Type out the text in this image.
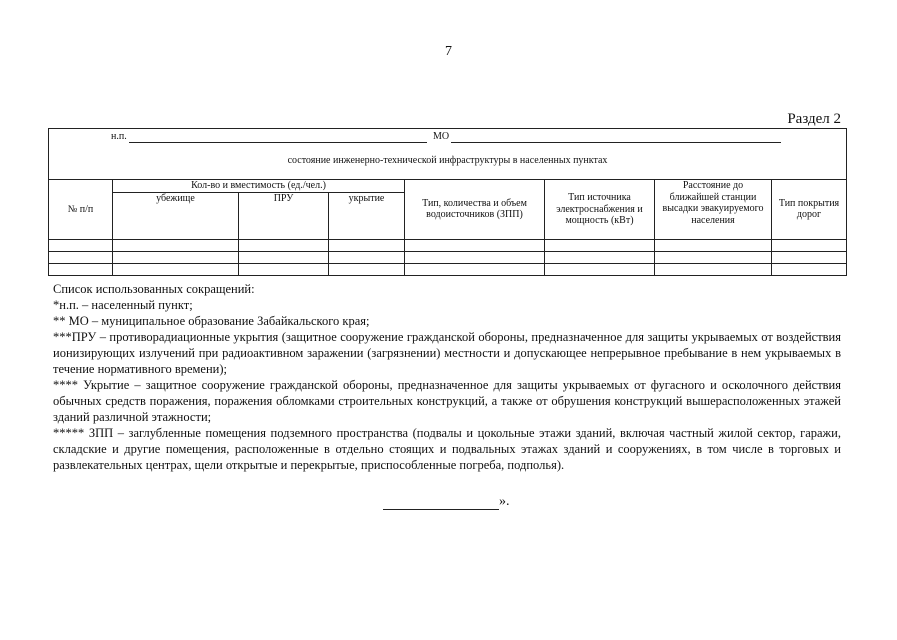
7
Раздел 2
н.п. МО
состояние инженерно-технической инфраструктуры в населенных пунктах							

№ п/п	Кол-во и вместимость (ед./чел.)			Тип, количества и объем водоисточников (ЗПП)	Тип источника электроснабжения и мощность (кВт)	Расстояние до ближайшей станции высадки эвакуируемого населения	Тип покрытия дорог
	убежище	ПРУ	укрытие				

Список использованных сокращений:

*н.п. – населенный пункт;

** МО – муниципальное образование Забайкальского края;

***ПРУ – противорадиационные укрытия (защитное сооружение гражданской обороны, предназначенное для защиты укрываемых от воздействия ионизирующих излучений при радиоактивном заражении (загрязнении) местности и допускающее непрерывное пребывание в нем укрываемых в течение нормативного времени);

**** Укрытие – защитное сооружение гражданской обороны, предназначенное для защиты укрываемых от фугасного и осколочного действия обычных средств поражения, поражения обломками строительных конструкций, а также от обрушения конструкций вышерасположенных этажей зданий различной этажности;

***** ЗПП – заглубленные помещения подземного пространства (подвалы и цокольные этажи зданий, включая частный жилой сектор, гаражи, складские и другие помещения, расположенные в отдельно стоящих и подвальных этажах зданий и сооружениях, в том числе в торговых и развлекательных центрах, щели открытые и перекрытые, приспособленные погреба, подполья).

».
